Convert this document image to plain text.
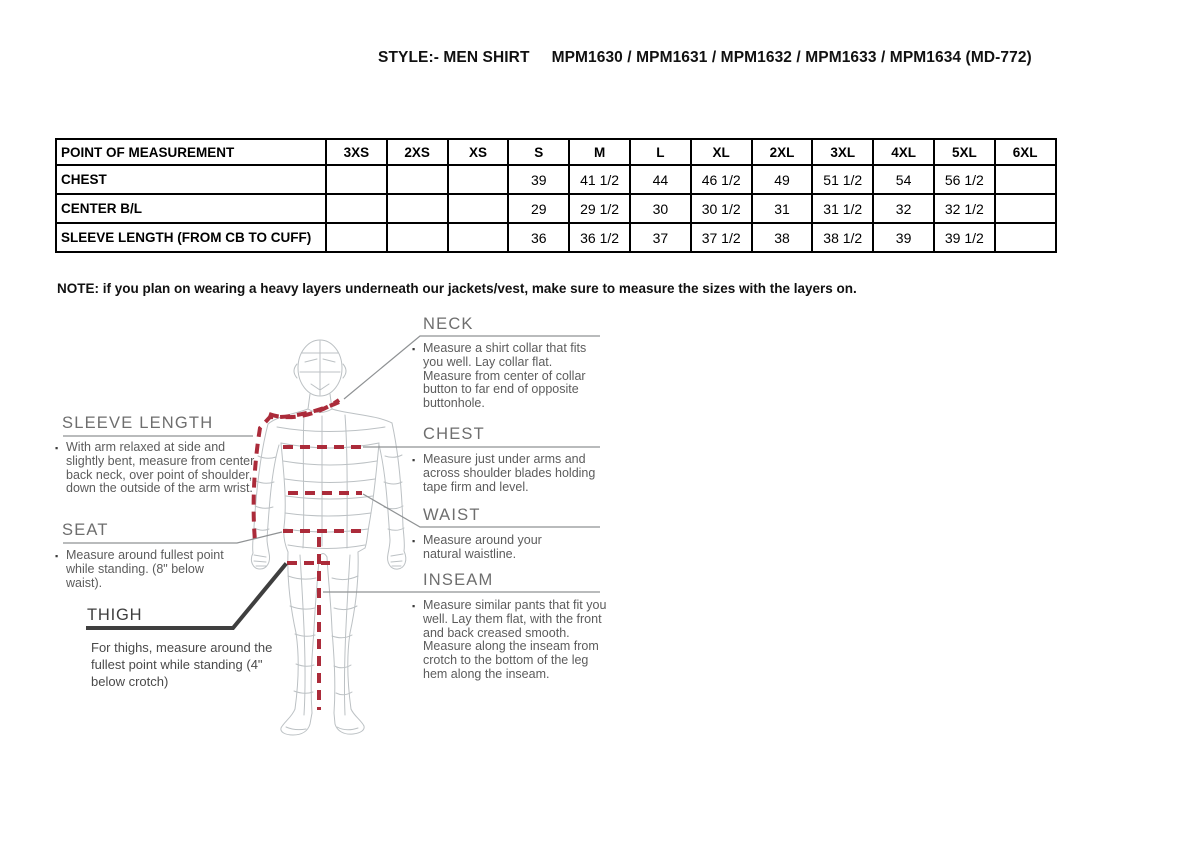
STYLE:- MEN SHIRT     MPM1630 / MPM1631 / MPM1632 / MPM1633 / MPM1634 (MD-772)
POINT OF MEASUREMENT	3XS	2XS	XS	S	M	L	XL	2XL	3XL	4XL	5XL	6XL
CHEST				39	41 1/2	44	46 1/2	49	51 1/2	54	56 1/2	
CENTER B/L				29	29 1/2	30	30 1/2	31	31 1/2	32	32 1/2	
SLEEVE LENGTH (FROM CB TO CUFF)				36	36 1/2	37	37 1/2	38	38 1/2	39	39 1/2	
NOTE: if you plan on wearing a heavy layers underneath our jackets/vest, make sure to measure the sizes with the layers on.
NECK
▪ Measure a shirt collar that fits you well. Lay collar flat. Measure from center of collar button to far end of opposite buttonhole.
CHEST
▪ Measure just under arms and across shoulder blades holding tape firm and level.
WAIST
▪ Measure around your natural waistline.
INSEAM
▪ Measure similar pants that fit you well. Lay them flat, with the front and back creased smooth. Measure along the inseam from crotch to the bottom of the leg hem along the inseam.
SLEEVE LENGTH
▪ With arm relaxed at side and slightly bent, measure from center back neck, over point of shoulder, down the outside of the arm wrist.
SEAT
▪ Measure around fullest point while standing. (8" below waist).
THIGH
For thighs, measure around the fullest point while standing (4" below crotch)
